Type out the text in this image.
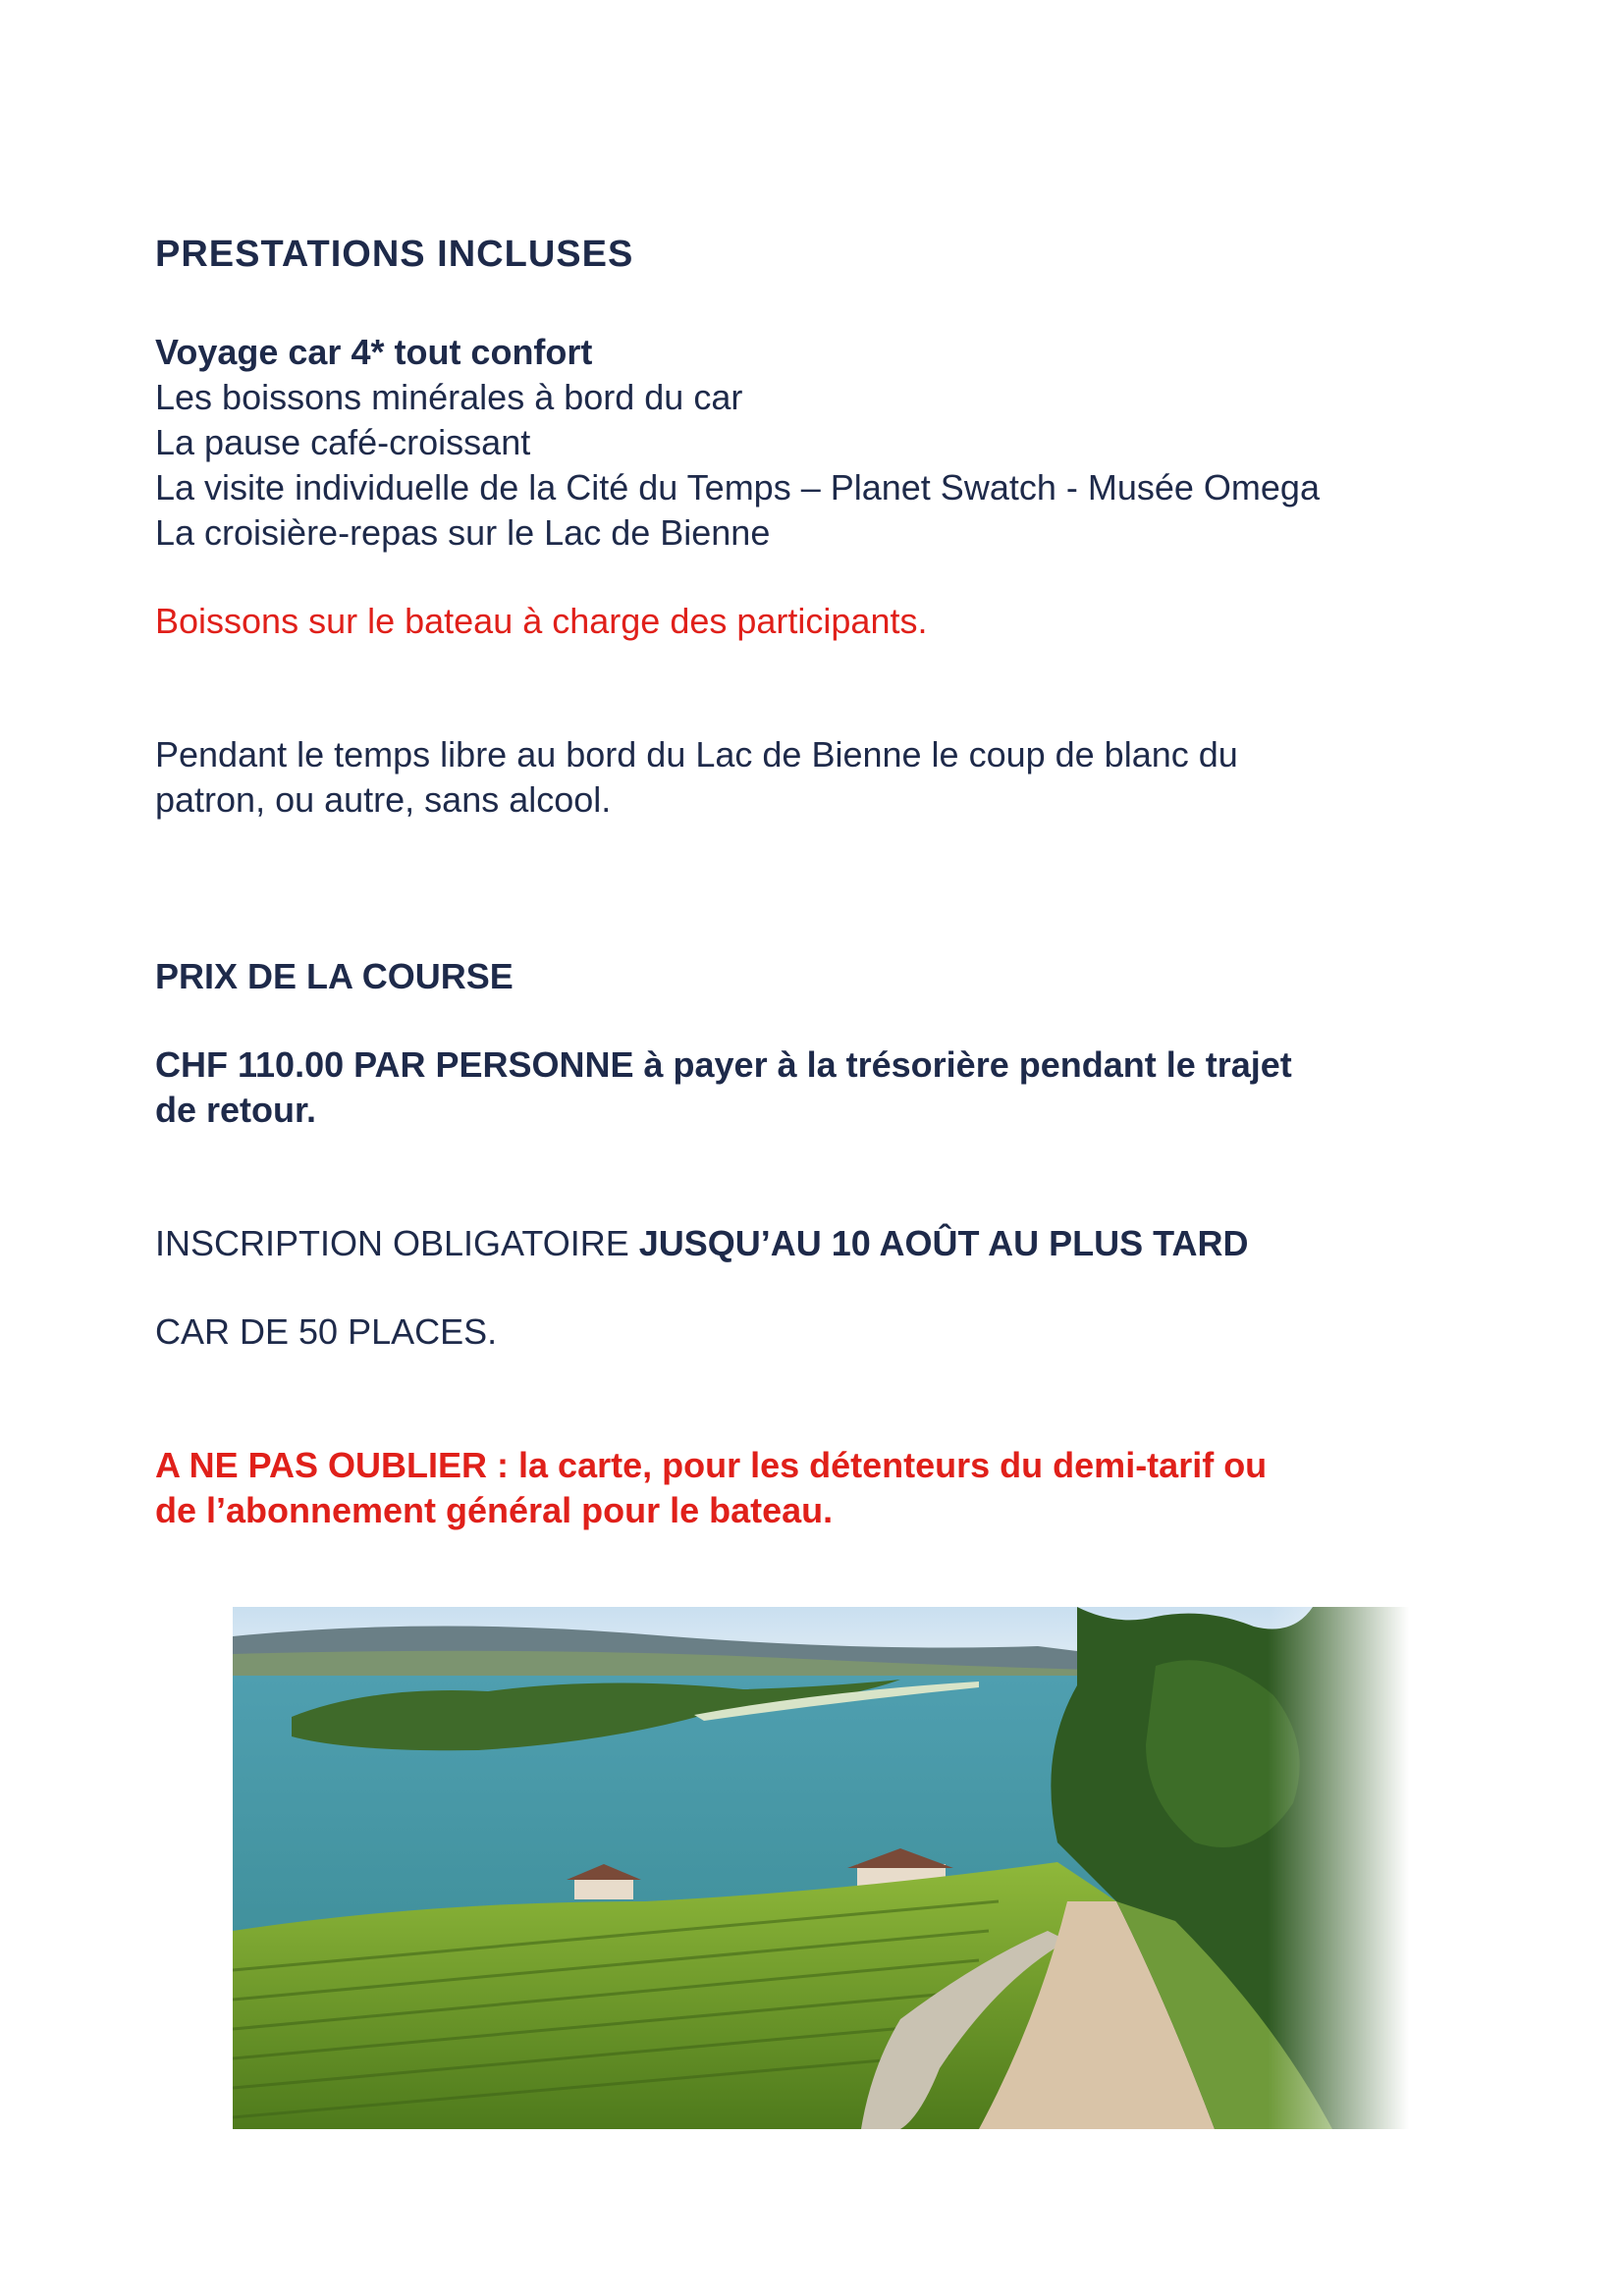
PRESTATIONS INCLUSES

Voyage car 4* tout confort

Les boissons minérales à bord du car

La pause café-croissant

La visite individuelle de la Cité du Temps – Planet Swatch - Musée Omega

La croisière-repas sur le Lac de Bienne

Boissons sur le bateau à charge des participants.

Pendant le temps libre au bord du Lac de Bienne le coup de blanc du

patron, ou autre, sans alcool.

PRIX DE LA COURSE

CHF 110.00 PAR PERSONNE à payer à la trésorière pendant le trajet

de retour.

INSCRIPTION OBLIGATOIRE JUSQU’AU 10 AOÛT AU PLUS TARD

CAR DE 50 PLACES.

A NE PAS OUBLIER : la carte, pour les détenteurs du demi-tarif ou

de l’abonnement général pour le bateau.
